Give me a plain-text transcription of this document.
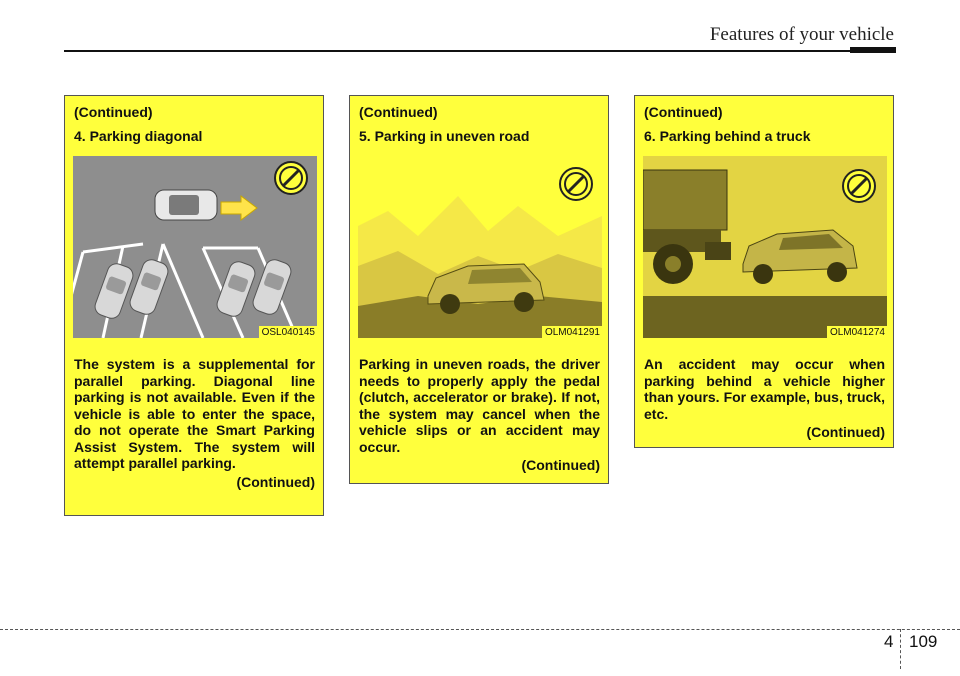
Features of your vehicle

(Continued)

4. Parking diagonal

OSL040145

The system is a supplemental for parallel parking. Diagonal line parking is not available. Even if the vehicle is able to enter the space, do not operate the Smart Parking Assist System. The system will attempt parallel parking.

(Continued)

(Continued)

5. Parking in uneven road

OLM041291

Parking in uneven roads, the driver needs to properly apply the pedal (clutch, accelerator or brake). If not, the system may cancel when the vehicle slips or an accident may occur.

(Continued)

(Continued)

6. Parking behind a truck

OLM041274

An accident may occur when parking behind a vehicle higher than yours. For example, bus, truck, etc.

(Continued)
4 109
